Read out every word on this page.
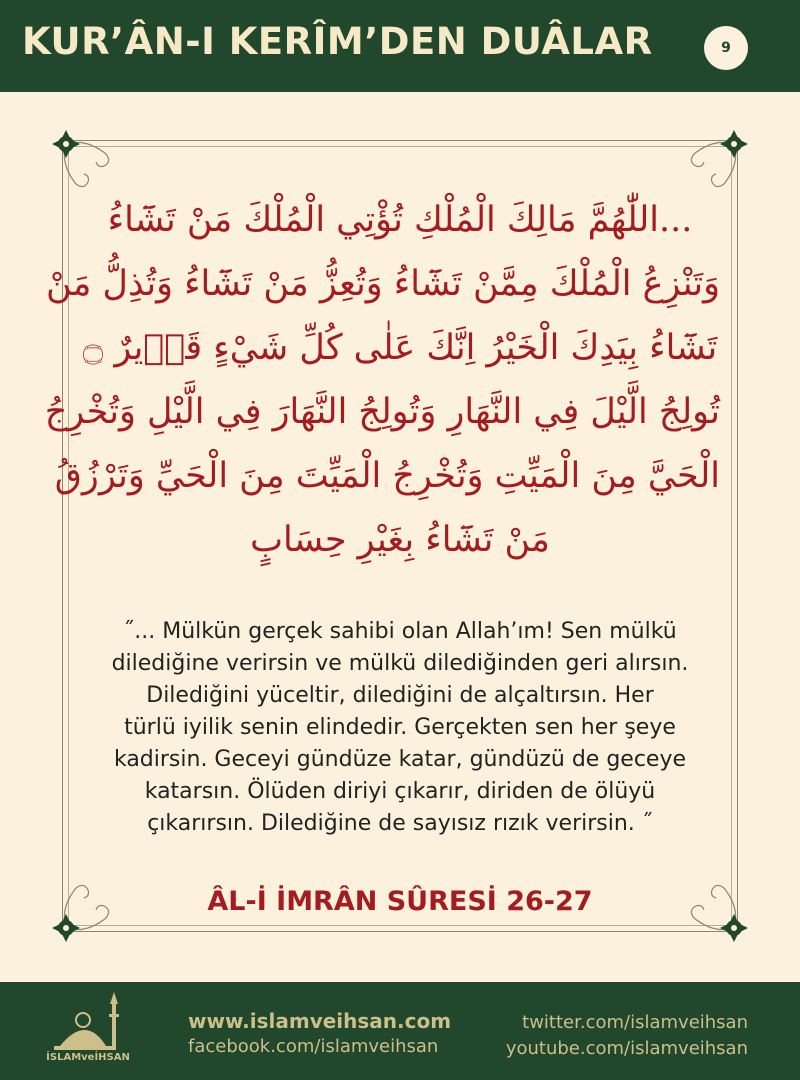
KUR’ÂN-I KERÎM’DEN DUÂLAR	9
...اللّٰهُمَّ مَالِكَ الْمُلْكِ تُؤْتِي الْمُلْكَ مَنْ تَشَٓاءُ
وَتَنْزِعُ الْمُلْكَ مِمَّنْ تَشَٓاءُ وَتُعِزُّ مَنْ تَشَٓاءُ وَتُذِلُّ مَنْ
تَشَٓاءُ بِيَدِكَ الْخَيْرُ اِنَّكَ عَلٰى كُلِّ شَيْءٍ قَد۪يرٌ ۝
تُولِجُ الَّيْلَ فِي النَّهَارِ وَتُولِجُ النَّهَارَ فِي الَّيْلِ وَتُخْرِجُ
الْحَيَّ مِنَ الْمَيِّتِ وَتُخْرِجُ الْمَيِّتَ مِنَ الْحَيِّ وَتَرْزُقُ
مَنْ تَشَٓاءُ بِغَيْرِ حِسَابٍ
˝... Mülkün gerçek sahibi olan Allah’ım! Sen mülkü
dilediğine verirsin ve mülkü dilediğinden geri alırsın.
Dilediğini yüceltir, dilediğini de alçaltırsın. Her
türlü iyilik senin elindedir. Gerçekten sen her şeye
kadirsin. Geceyi gündüze katar, gündüzü de geceye
katarsın. Ölüden diriyi çıkarır, diriden de ölüyü
çıkarırsın. Dilediğine de sayısız rızık verirsin. ˝
ÂL-İ İMRÂN SÛRESİ 26-27
İSLAMveİHSAN
www.islamveihsan.com
facebook.com/islamveihsan
twitter.com/islamveihsan
youtube.com/islamveihsan
